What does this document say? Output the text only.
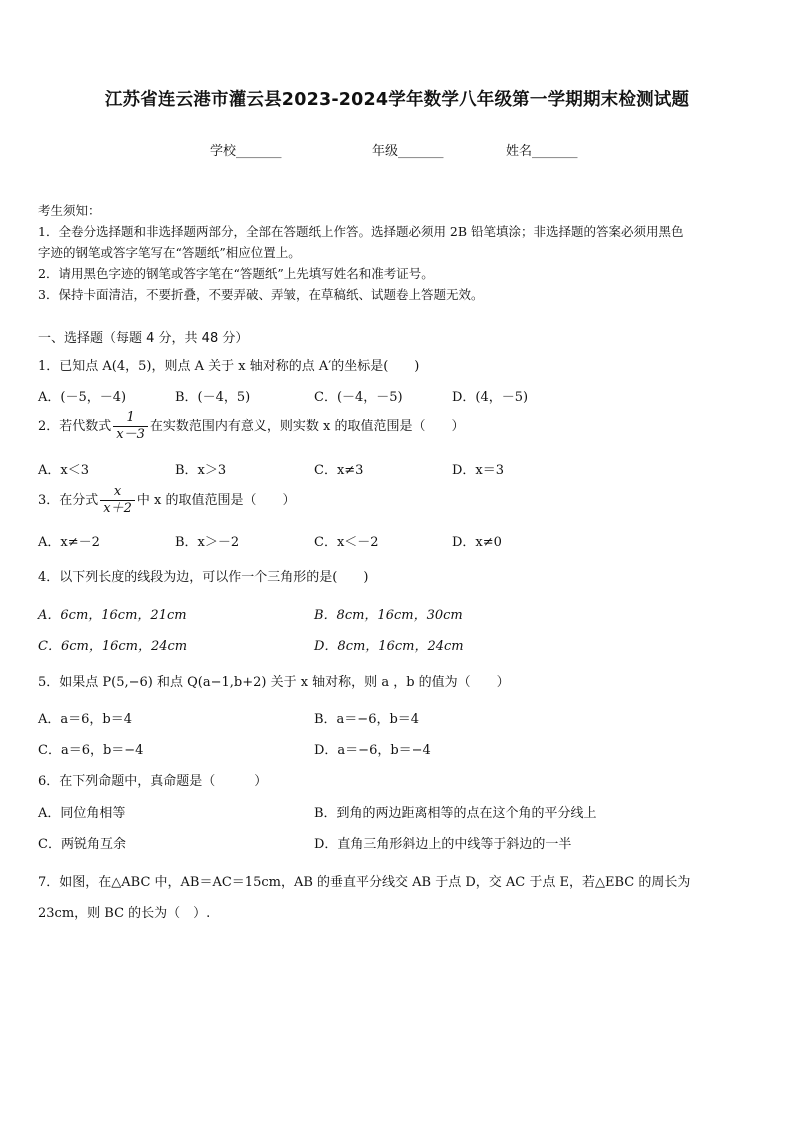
江苏省连云港市灌云县2023-2024学年数学八年级第一学期期末检测试题
学校_______	年级_______	姓名_______
考生须知：
1．全卷分选择题和非选择题两部分，全部在答题纸上作答。选择题必须用 2B 铅笔填涂；非选择题的答案必须用黑色
字迹的钢笔或答字笔写在“答题纸”相应位置上。
2．请用黑色字迹的钢笔或答字笔在“答题纸”上先填写姓名和准考证号。
3．保持卡面清洁，不要折叠，不要弄破、弄皱，在草稿纸、试题卷上答题无效。
一、选择题（每题 4 分，共 48 分）
1．已知点 A(4，5)，则点 A 关于 x 轴对称的点 A′的坐标是(　　)
A．(－5，－4)	B．(－4，5)	C．(－4，－5)	D．(4，－5)
2．若代数式 $\frac{1}{x-3}$ 在实数范围内有意义，则实数 x 的取值范围是（　　）
A．x＜3	B．x＞3	C．x≠3	D．x＝3
3．在分式 $\frac{x}{x+2}$ 中 x 的取值范围是（　　）
A．x≠－2	B．x＞－2	C．x＜－2	D．x≠0
4．以下列长度的线段为边，可以作一个三角形的是(　　)
A．6cm，16cm，21cm	B．8cm，16cm，30cm
C．6cm，16cm，24cm	D．8cm，16cm，24cm
5．如果点 P(5,−6) 和点 Q(a−1,b+2) 关于 x 轴对称，则 a ，b 的值为（　　）
A．a＝6，b＝4	B．a＝−6，b＝4
C．a＝6，b＝−4	D．a＝−6，b＝−4
6．在下列命题中，真命题是（　　　）
A．同位角相等	B．到角的两边距离相等的点在这个角的平分线上
C．两锐角互余	D．直角三角形斜边上的中线等于斜边的一半
7．如图，在△ABC 中，AB＝AC＝15cm，AB 的垂直平分线交 AB 于点 D，交 AC 于点 E，若△EBC 的周长为
23cm，则 BC 的长为（　）.
